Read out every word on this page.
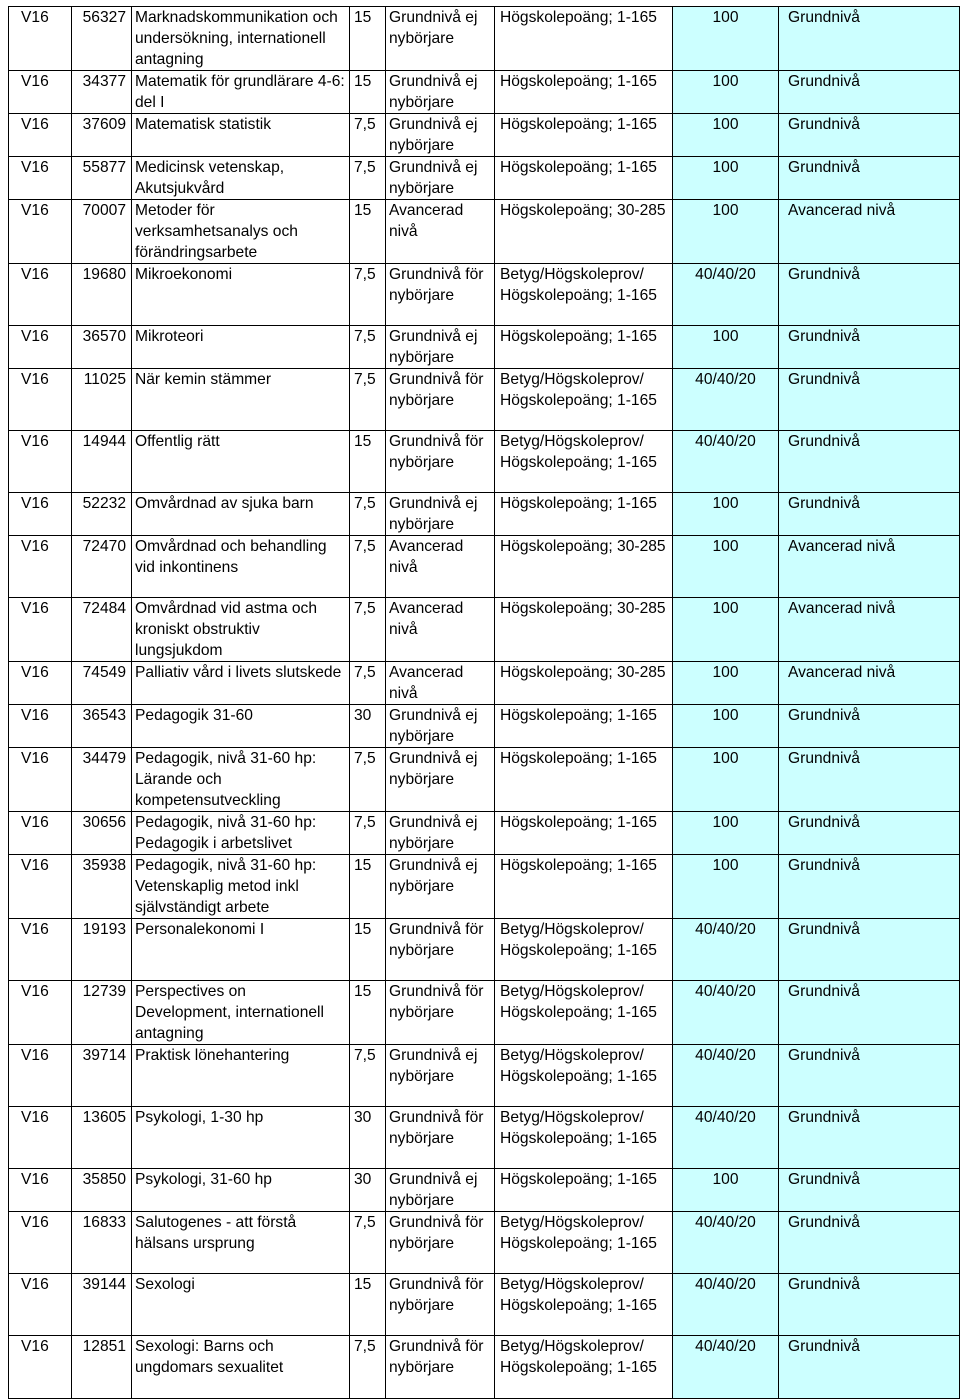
V16	56327	Marknadskommunikation och undersökning, internationell antagning	15	Grundnivå ej nybörjare	Högskolepoäng; 1-165	100	Grundnivå

V16	34377	Matematik för grundlärare 4-6: del I	15	Grundnivå ej nybörjare	Högskolepoäng; 1-165	100	Grundnivå

V16	37609	Matematisk statistik	7,5	Grundnivå ej nybörjare	Högskolepoäng; 1-165	100	Grundnivå

V16	55877	Medicinsk vetenskap, Akutsjukvård	7,5	Grundnivå ej nybörjare	Högskolepoäng; 1-165	100	Grundnivå

V16	70007	Metoder för verksamhetsanalys och förändringsarbete	15	Avancerad nivå	Högskolepoäng; 30-285	100	Avancerad nivå

V16	19680	Mikroekonomi	7,5	Grundnivå för nybörjare	Betyg/Högskoleprov/ Högskolepoäng; 1-165	40/40/20	Grundnivå

V16	36570	Mikroteori	7,5	Grundnivå ej nybörjare	Högskolepoäng; 1-165	100	Grundnivå

V16	11025	När kemin stämmer	7,5	Grundnivå för nybörjare	Betyg/Högskoleprov/ Högskolepoäng; 1-165	40/40/20	Grundnivå

V16	14944	Offentlig rätt	15	Grundnivå för nybörjare	Betyg/Högskoleprov/ Högskolepoäng; 1-165	40/40/20	Grundnivå

V16	52232	Omvårdnad av sjuka barn	7,5	Grundnivå ej nybörjare	Högskolepoäng; 1-165	100	Grundnivå

V16	72470	Omvårdnad och behandling vid inkontinens	7,5	Avancerad nivå	Högskolepoäng; 30-285	100	Avancerad nivå

V16	72484	Omvårdnad vid astma och kroniskt obstruktiv lungsjukdom	7,5	Avancerad nivå	Högskolepoäng; 30-285	100	Avancerad nivå

V16	74549	Palliativ vård i livets slutskede	7,5	Avancerad nivå	Högskolepoäng; 30-285	100	Avancerad nivå

V16	36543	Pedagogik 31-60	30	Grundnivå ej nybörjare	Högskolepoäng; 1-165	100	Grundnivå

V16	34479	Pedagogik, nivå 31-60 hp: Lärande och kompetensutveckling	7,5	Grundnivå ej nybörjare	Högskolepoäng; 1-165	100	Grundnivå

V16	30656	Pedagogik, nivå 31-60 hp: Pedagogik i arbetslivet	7,5	Grundnivå ej nybörjare	Högskolepoäng; 1-165	100	Grundnivå

V16	35938	Pedagogik, nivå 31-60 hp: Vetenskaplig metod inkl självständigt arbete	15	Grundnivå ej nybörjare	Högskolepoäng; 1-165	100	Grundnivå

V16	19193	Personalekonomi I	15	Grundnivå för nybörjare	Betyg/Högskoleprov/ Högskolepoäng; 1-165	40/40/20	Grundnivå

V16	12739	Perspectives on Development, internationell antagning	15	Grundnivå för nybörjare	Betyg/Högskoleprov/ Högskolepoäng; 1-165	40/40/20	Grundnivå

V16	39714	Praktisk lönehantering	7,5	Grundnivå ej nybörjare	Betyg/Högskoleprov/ Högskolepoäng; 1-165	40/40/20	Grundnivå

V16	13605	Psykologi, 1-30 hp	30	Grundnivå för nybörjare	Betyg/Högskoleprov/ Högskolepoäng; 1-165	40/40/20	Grundnivå

V16	35850	Psykologi, 31-60 hp	30	Grundnivå ej nybörjare	Högskolepoäng; 1-165	100	Grundnivå

V16	16833	Salutogenes - att förstå hälsans ursprung	7,5	Grundnivå för nybörjare	Betyg/Högskoleprov/ Högskolepoäng; 1-165	40/40/20	Grundnivå

V16	39144	Sexologi	15	Grundnivå för nybörjare	Betyg/Högskoleprov/ Högskolepoäng; 1-165	40/40/20	Grundnivå

V16	12851	Sexologi: Barns och ungdomars sexualitet	7,5	Grundnivå för nybörjare	Betyg/Högskoleprov/ Högskolepoäng; 1-165	40/40/20	Grundnivå
